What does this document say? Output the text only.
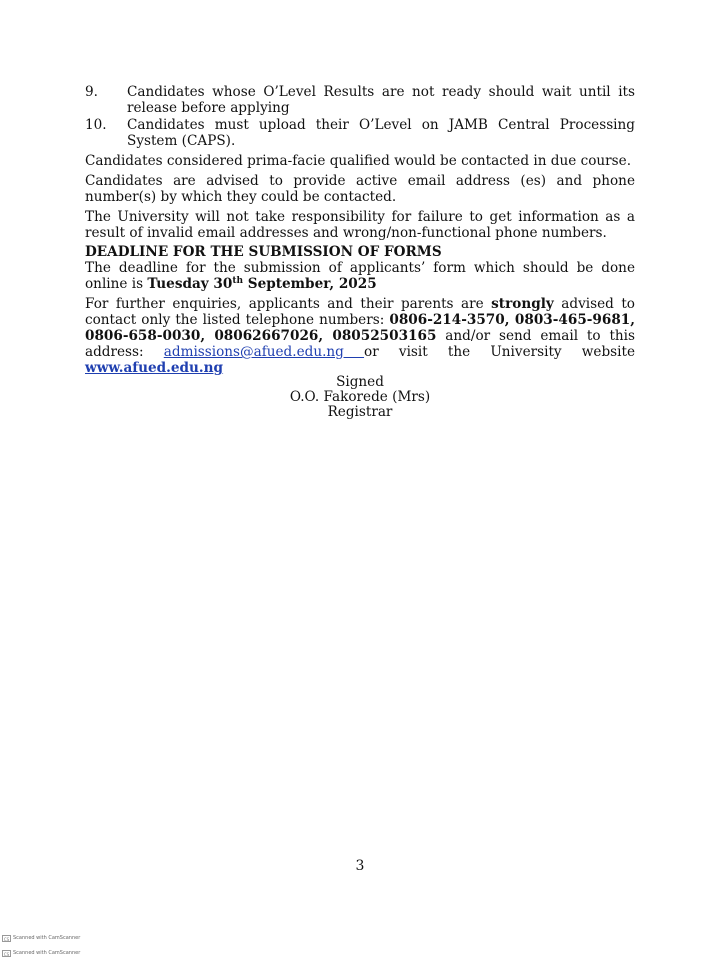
9.	Candidates whose O’Level Results are not ready should wait until its release before applying
10.	Candidates must upload their O’Level on JAMB Central Processing System (CAPS).

Candidates considered prima-facie qualified would be contacted in due course.

Candidates are advised to provide active email address (es) and phone number(s) by which they could be contacted.

The University will not take responsibility for failure to get information as a result of invalid email addresses and wrong/non-functional phone numbers.

DEADLINE FOR THE SUBMISSION OF FORMS
The deadline for the submission of applicants’ form which should be done online is Tuesday 30th September, 2025

For further enquiries, applicants and their parents are strongly advised to contact only the listed telephone numbers: 0806-214-3570, 0803-465-9681, 0806-658-0030, 08062667026, 08052503165 and/or send email to this address: admissions@afued.edu.ng or visit the University website www.afued.edu.ng

Signed
O.O. Fakorede (Mrs)
Registrar
3
CS Scanned with CamScanner
CS Scanned with CamScanner
